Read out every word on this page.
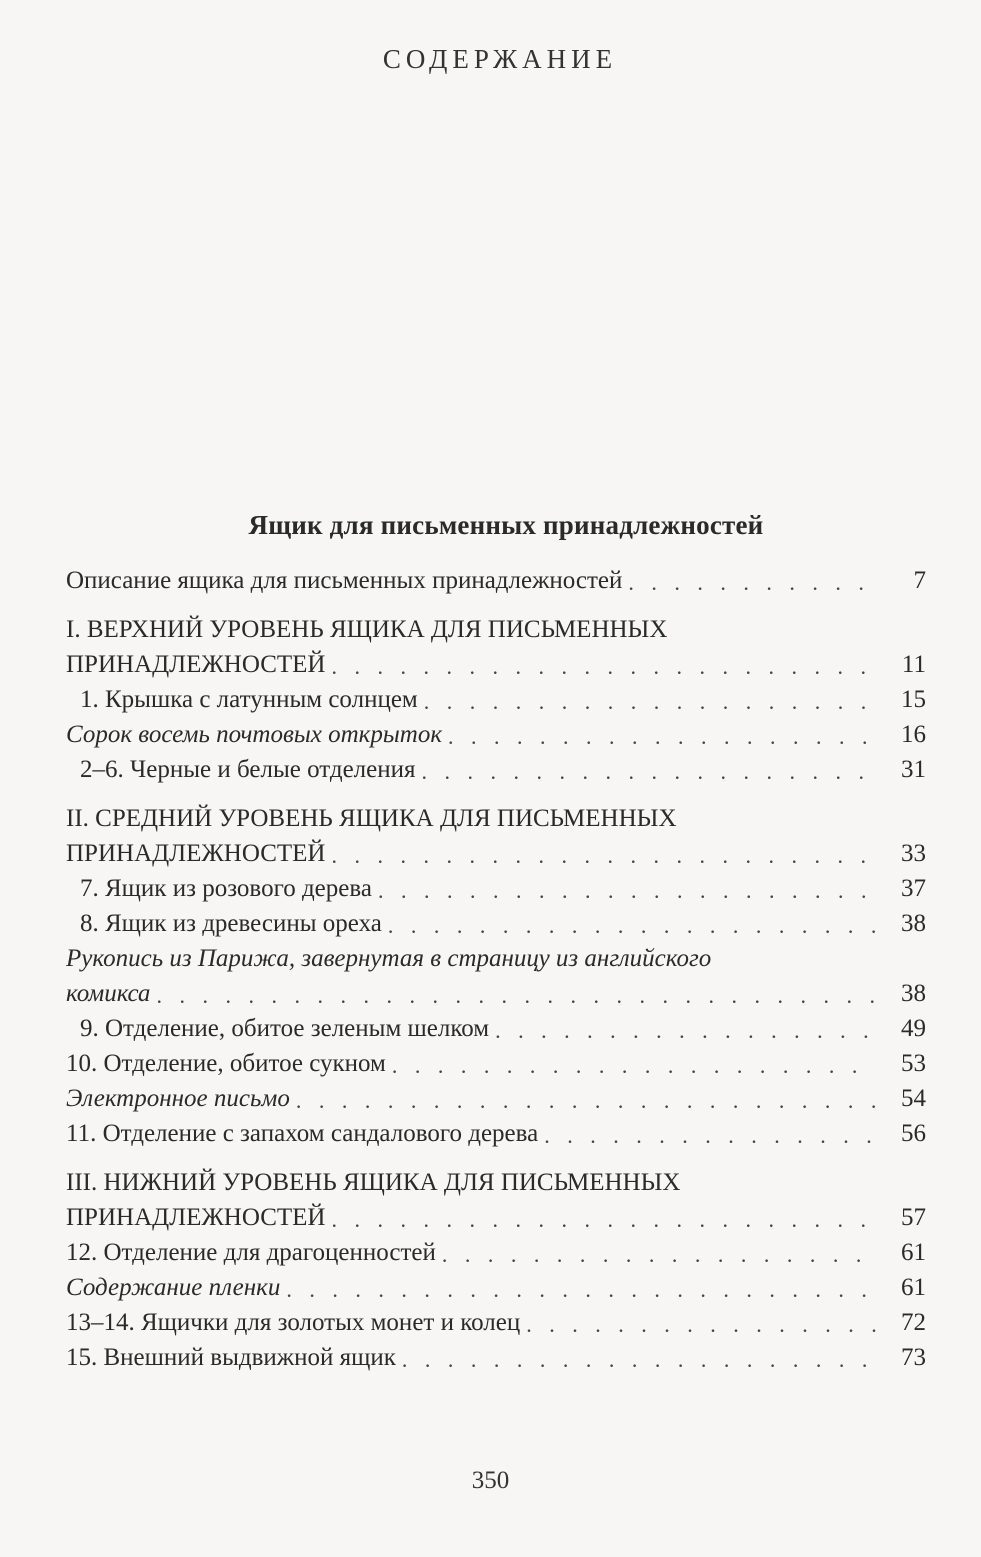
СОДЕРЖАНИЕ
Ящик для письменных принадлежностей
Описание ящика для письменных принадлежностей . . .	7
I. ВЕРХНИЙ УРОВЕНЬ ЯЩИКА ДЛЯ ПИСЬМЕННЫХ
ПРИНАДЛЕЖНОСТЕЙ . . .	11
1. Крышка с латунным солнцем . . .	15
Сорок восемь почтовых открыток . . .	16
2–6. Черные и белые отделения . . .	31
II. СРЕДНИЙ УРОВЕНЬ ЯЩИКА ДЛЯ ПИСЬМЕННЫХ
ПРИНАДЛЕЖНОСТЕЙ . . .	33
7. Ящик из розового дерева . . .	37
8. Ящик из древесины ореха . . .	38
Рукопись из Парижа, завернутая в страницу из английского
комикса . . .	38
9. Отделение, обитое зеленым шелком . . .	49
10. Отделение, обитое сукном . . .	53
Электронное письмо . . .	54
11. Отделение с запахом сандалового дерева . . .	56
III. НИЖНИЙ УРОВЕНЬ ЯЩИКА ДЛЯ ПИСЬМЕННЫХ
ПРИНАДЛЕЖНОСТЕЙ . . .	57
12. Отделение для драгоценностей . . .	61
Содержание пленки . . .	61
13–14. Ящички для золотых монет и колец . . .	72
15. Внешний выдвижной ящик . . .	73
350
